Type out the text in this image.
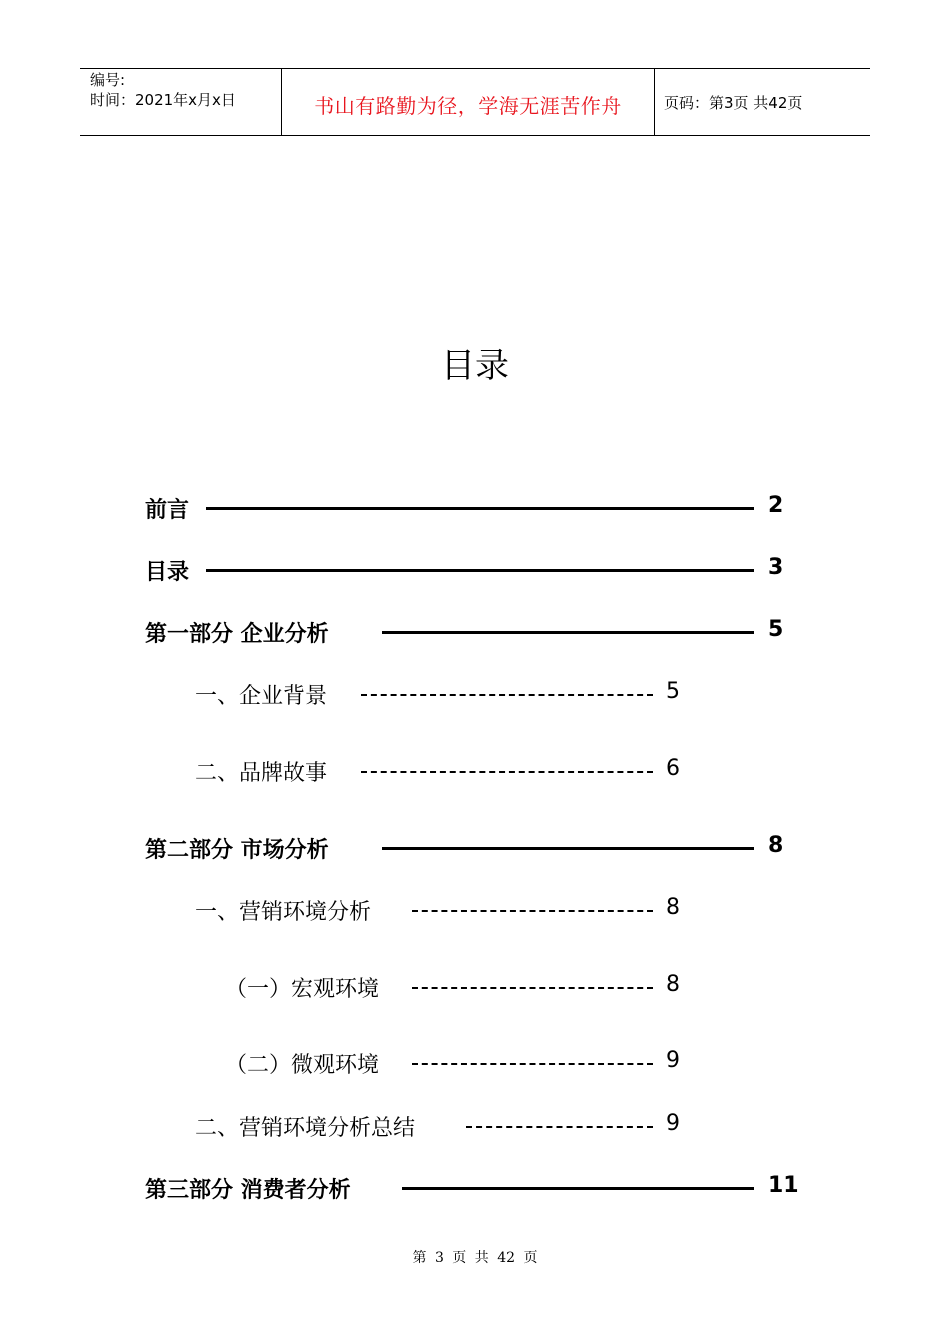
编号:
时间：2021年x月x日	书山有路勤为径，学海无涯苦作舟	页码：第3页 共42页
目录
前言	2
目录	3
第一部分 企业分析	5
一、企业背景	5
二、品牌故事	6
第二部分 市场分析	8
一、营销环境分析	8
（一）宏观环境	8
（二）微观环境	9
二、营销环境分析总结	9
第三部分 消费者分析	11
第 3 页 共 42 页
